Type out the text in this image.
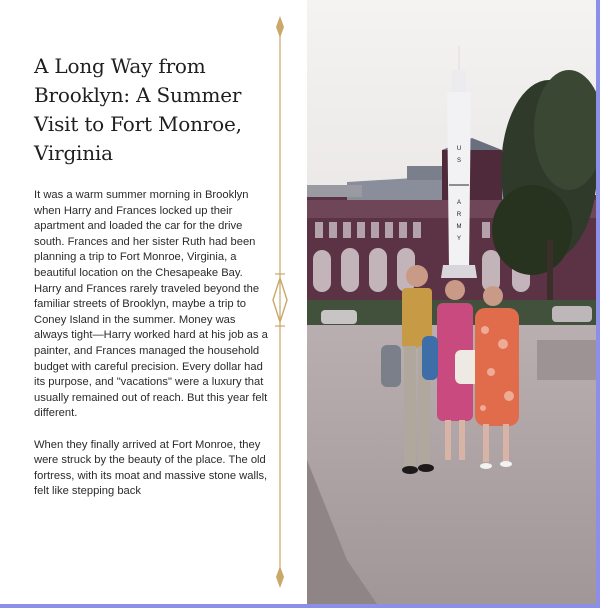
A Long Way from Brooklyn: A Summer Visit to Fort Monroe, Virginia

It was a warm summer morning in Brooklyn when Harry and Frances locked up their apartment and loaded the car for the drive south. Frances and her sister Ruth had been planning a trip to Fort Monroe, Virginia, a beautiful location on the Chesapeake Bay. Harry and Frances rarely traveled beyond the familiar streets of Brooklyn, maybe a trip to Coney Island in the summer. Money was always tight—Harry worked hard at his job as a painter, and Frances managed the household budget with careful precision. Every dollar had its purpose, and "vacations" were a luxury that usually remained out of reach. But this year felt different.

When they finally arrived at Fort Monroe, they were struck by the beauty of the place. The old fortress, with its moat and massive stone walls, felt like stepping back

U
S
A
R
M
Y
